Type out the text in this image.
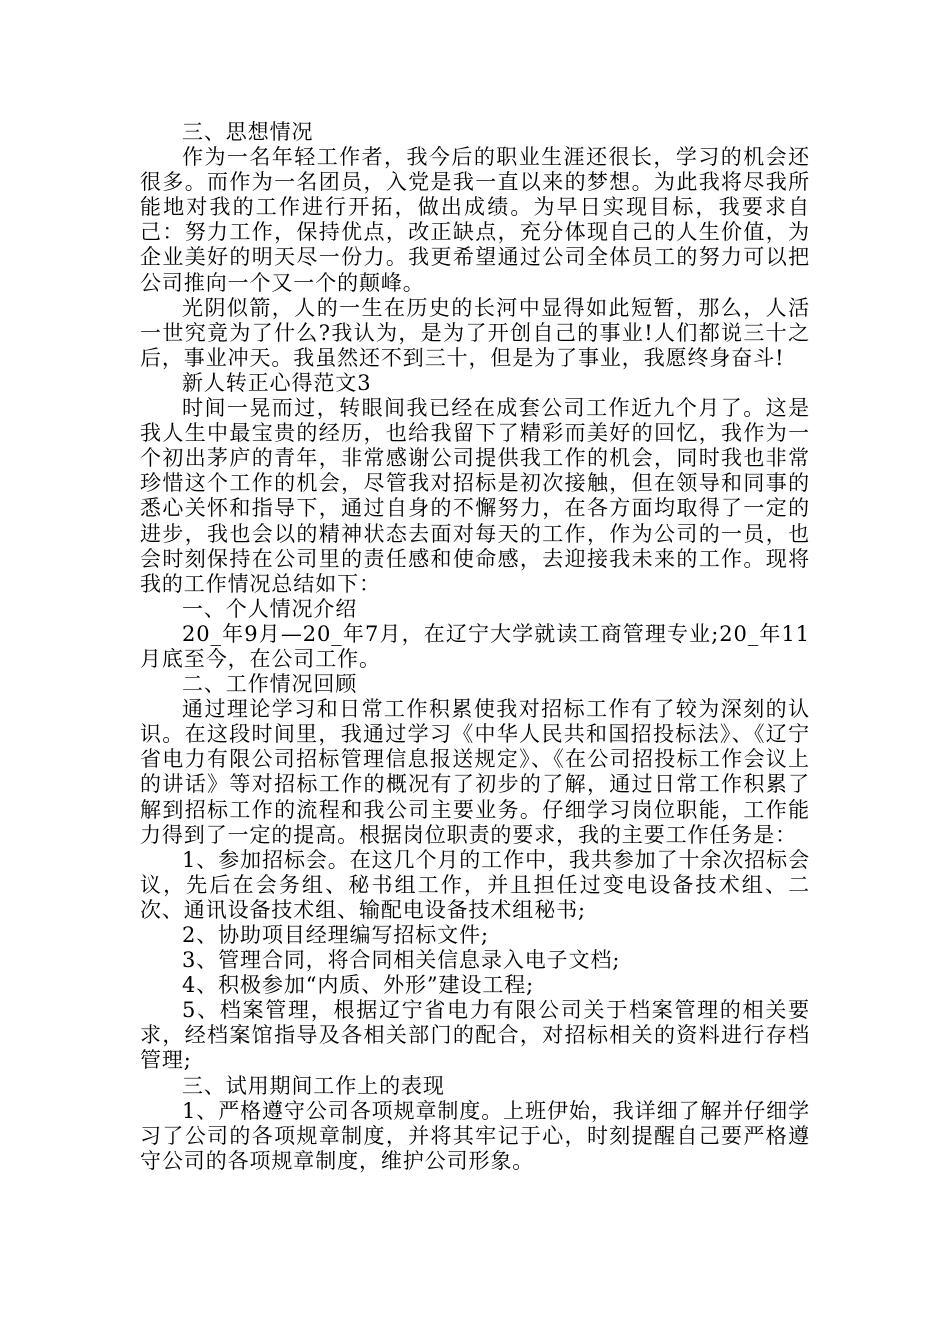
三、思想情况

作为一名年轻工作者，我今后的职业生涯还很长，学习的机会还很多。而作为一名团员，入党是我一直以来的梦想。为此我将尽我所能地对我的工作进行开拓，做出成绩。为早日实现目标，我要求自己：努力工作，保持优点，改正缺点，充分体现自己的人生价值，为企业美好的明天尽一份力。我更希望通过公司全体员工的努力可以把公司推向一个又一个的颠峰。

光阴似箭，人的一生在历史的长河中显得如此短暂，那么，人活一世究竟为了什么?我认为，是为了开创自己的事业!人们都说三十之后，事业冲天。我虽然还不到三十，但是为了事业，我愿终身奋斗!

新人转正心得范文3

时间一晃而过，转眼间我已经在成套公司工作近九个月了。这是我人生中最宝贵的经历，也给我留下了精彩而美好的回忆，我作为一个初出茅庐的青年，非常感谢公司提供我工作的机会，同时我也非常珍惜这个工作的机会，尽管我对招标是初次接触，但在领导和同事的悉心关怀和指导下，通过自身的不懈努力，在各方面均取得了一定的进步，我也会以的精神状态去面对每天的工作，作为公司的一员，也会时刻保持在公司里的责任感和使命感，去迎接我未来的工作。现将我的工作情况总结如下：

一、个人情况介绍

20_年9月—20_年7月，在辽宁大学就读工商管理专业;20_年11月底至今，在公司工作。

二、工作情况回顾

通过理论学习和日常工作积累使我对招标工作有了较为深刻的认识。在这段时间里，我通过学习《中华人民共和国招投标法》、《辽宁省电力有限公司招标管理信息报送规定》、《在公司招投标工作会议上的讲话》等对招标工作的概况有了初步的了解，通过日常工作积累了解到招标工作的流程和我公司主要业务。仔细学习岗位职能，工作能力得到了一定的提高。根据岗位职责的要求，我的主要工作任务是：

1、参加招标会。在这几个月的工作中，我共参加了十余次招标会议，先后在会务组、秘书组工作，并且担任过变电设备技术组、二次、通讯设备技术组、输配电设备技术组秘书;

2、协助项目经理编写招标文件;

3、管理合同，将合同相关信息录入电子文档;

4、积极参加“内质、外形”建设工程;

5、档案管理，根据辽宁省电力有限公司关于档案管理的相关要求，经档案馆指导及各相关部门的配合，对招标相关的资料进行存档管理;

三、试用期间工作上的表现

1、严格遵守公司各项规章制度。上班伊始，我详细了解并仔细学习了公司的各项规章制度，并将其牢记于心，时刻提醒自己要严格遵守公司的各项规章制度，维护公司形象。
